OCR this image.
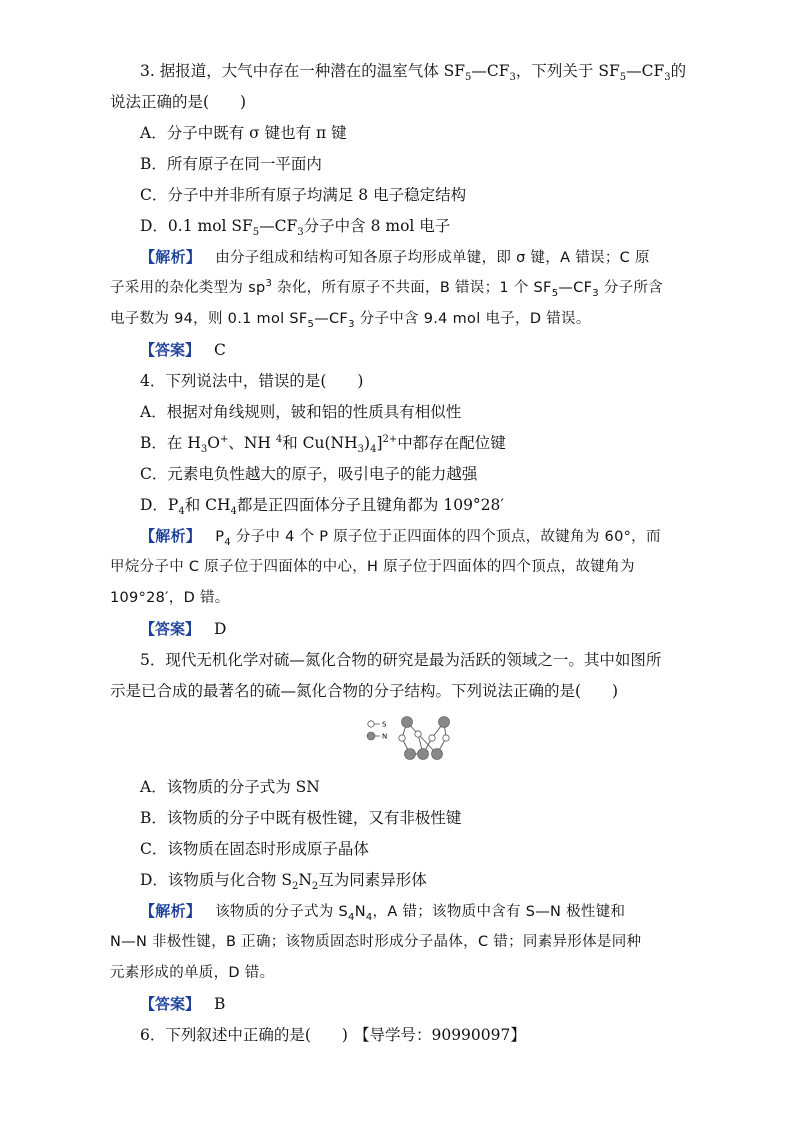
3. 据报道，大气中存在一种潜在的温室气体 $SF_5—CF_3$，下列关于 $SF_5—CF_3$的
说法正确的是(　　)
A．分子中既有 σ 键也有 π 键
B．所有原子在同一平面内
C．分子中并非所有原子均满足 8 电子稳定结构
D．0.1 mol $SF_5—CF_3$分子中含 8 mol 电子
【解析】 由分子组成和结构可知各原子均形成单键，即 σ 键，A 错误；C 原
子采用的杂化类型为 $sp^3$ 杂化，所有原子不共面，B 错误；1 个 $SF_5—CF_3$ 分子所含
电子数为 94，则 0.1 mol $SF_5—CF_3$ 分子中含 9.4 mol 电子，D 错误。
【答案】 C
4．下列说法中，错误的是(　　)
A．根据对角线规则，铍和铝的性质具有相似性
B．在 $H_3O^+$、NH $^4$和 $Cu(NH_3)_4]^{2+}$中都存在配位键
C．元素电负性越大的原子，吸引电子的能力越强
D．$P_4$和 $CH_4$都是正四面体分子且键角都为 109°28′
【解析】 $P_4$ 分子中 4 个 P 原子位于正四面体的四个顶点，故键角为 60°，而
甲烷分子中 C 原子位于四面体的中心，H 原子位于四面体的四个顶点，故键角为
109°28′，D 错。
【答案】 D
5．现代无机化学对硫—氮化合物的研究是最为活跃的领域之一。其中如图所
示是已合成的最著名的硫—氮化合物的分子结构。下列说法正确的是(　　)
S
N
A．该物质的分子式为 SN
B．该物质的分子中既有极性键，又有非极性键
C．该物质在固态时形成原子晶体
D．该物质与化合物 $S_2N_2$互为同素异形体
【解析】 该物质的分子式为 $S_4N_4$，A 错；该物质中含有 S—N 极性键和
N—N 非极性键，B 正确；该物质固态时形成分子晶体，C 错；同素异形体是同种
元素形成的单质，D 错。
【答案】 B
6．下列叙述中正确的是(　　) 【导学号：90990097】
